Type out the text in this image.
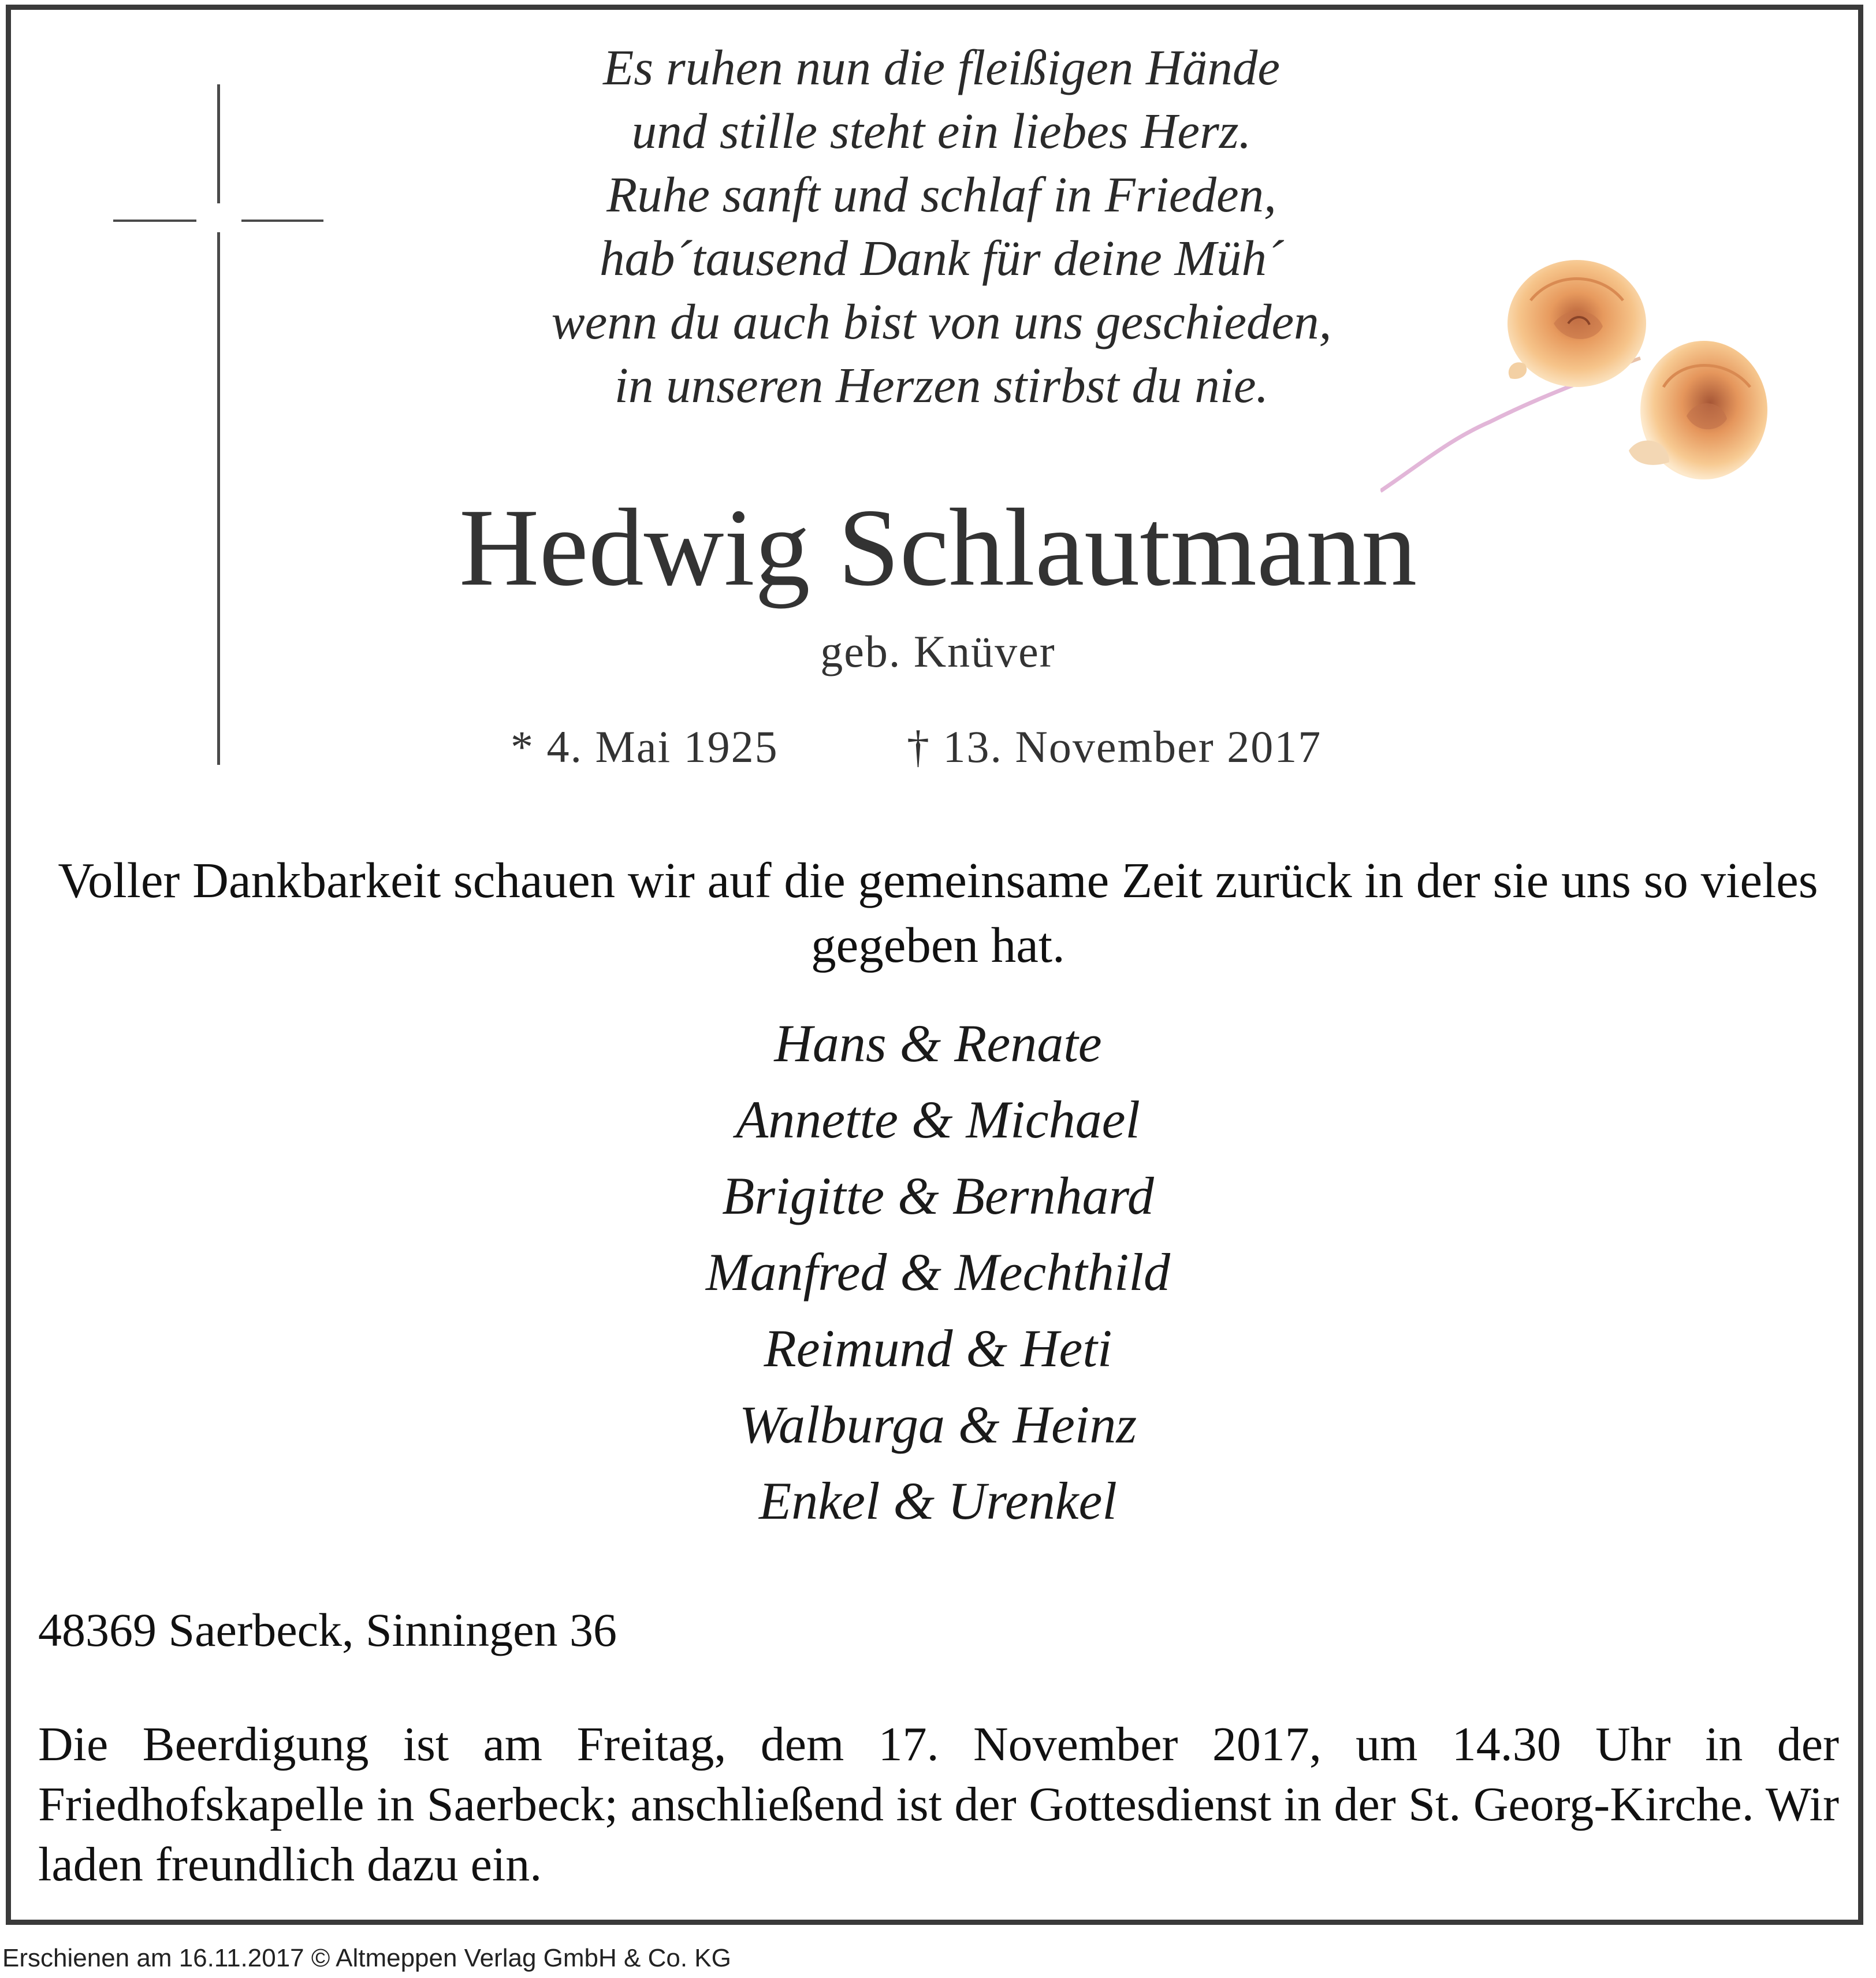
Es ruhen nun die fleißigen Hände
und stille steht ein liebes Herz.
Ruhe sanft und schlaf in Frieden,
hab´tausend Dank für deine Müh´
wenn du auch bist von uns geschieden,
in unseren Herzen stirbst du nie.
Hedwig Schlautmann
geb. Knüver
* 4. Mai 1925	† 13. November 2017
Voller Dankbarkeit schauen wir auf die gemeinsame Zeit zurück in der sie uns so vieles gegeben hat.
Hans & Renate
Annette & Michael
Brigitte & Bernhard
Manfred & Mechthild
Reimund & Heti
Walburga & Heinz
Enkel & Urenkel
48369 Saerbeck, Sinningen 36
Die Beerdigung ist am Freitag, dem 17. November 2017, um 14.30 Uhr in der Friedhofskapelle in Saerbeck; anschließend ist der Gottesdienst in der St. Georg-Kirche. Wir laden freundlich dazu ein.
Erschienen am 16.11.2017 © Altmeppen Verlag GmbH & Co. KG
